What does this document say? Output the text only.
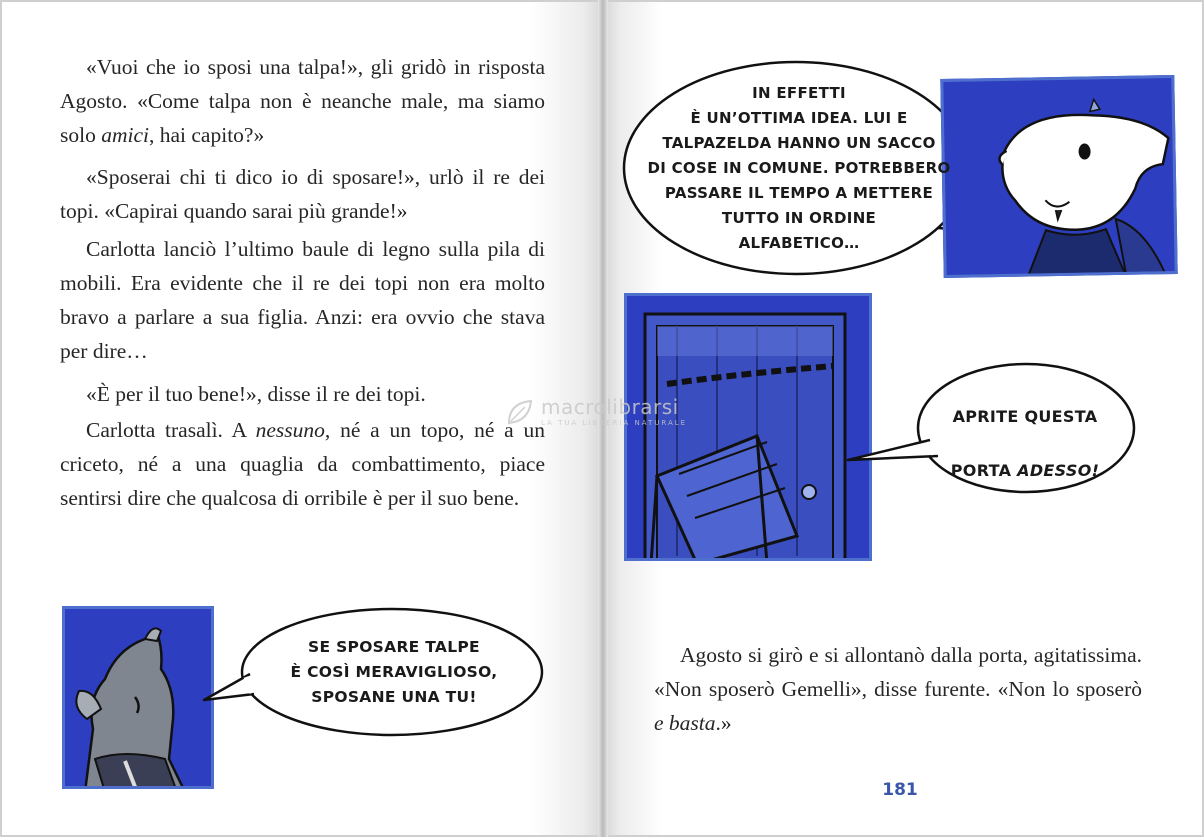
«Vuoi che io sposi una talpa!», gli gridò in risposta Agosto. «Come talpa non è neanche male, ma siamo solo amici, hai capito?»

«Sposerai chi ti dico io di sposare!», urlò il re dei topi. «Capirai quando sarai più grande!»

Carlotta lanciò l’ultimo baule di legno sulla pila di mobili. Era evidente che il re dei topi non era molto bravo a parlare a sua figlia. Anzi: era ovvio che stava per dire…

«È per il tuo bene!», disse il re dei topi.

Carlotta trasalì. A nessuno, né a un topo, né a un criceto, né a una quaglia da combattimento, piace sentirsi dire che qualcosa di orribile è per il suo bene.

SE SPOSARE TALPE
È COSÌ MERAVIGLIOSO,
SPOSANE UNA TU!
IN EFFETTI
È UN’OTTIMA IDEA. LUI E
TALPAZELDA HANNO UN SACCO
DI COSE IN COMUNE. POTREBBERO
PASSARE IL TEMPO A METTERE
TUTTO IN ORDINE
ALFABETICO…

APRITE QUESTA

PORTA ADESSO!

Agosto si girò e si allontanò dalla porta, agitatissima. «Non sposerò Gemelli», disse furente. «Non lo sposerò e basta.»

181
macrolibrarsi
LA TUA LIBRERIA NATURALE
